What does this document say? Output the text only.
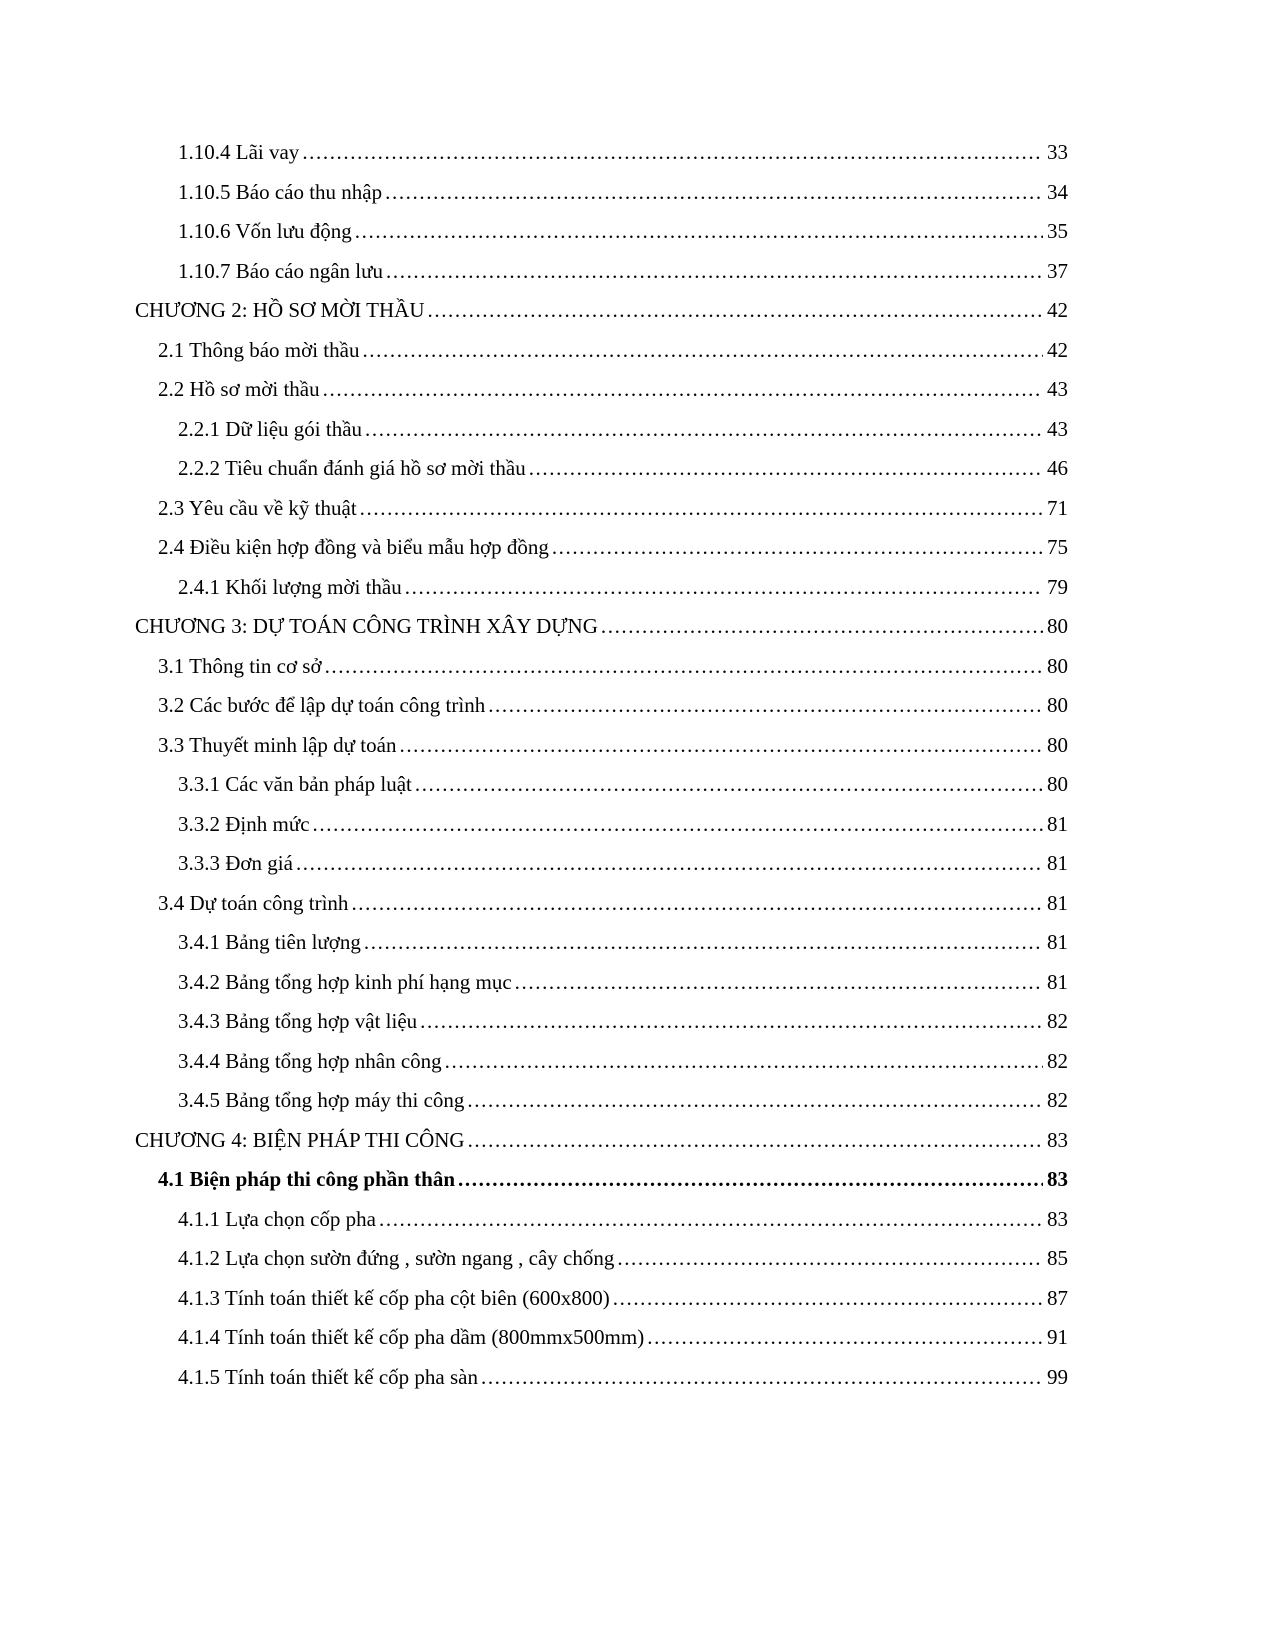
1.10.4 Lãi vay .....	33
1.10.5 Báo cáo thu nhập .....	34
1.10.6 Vốn lưu động .....	35
1.10.7 Báo cáo ngân lưu .....	37
CHƯƠNG 2: HỒ SƠ MỜI THẦU .....	42
2.1 Thông báo mời thầu .....	42
2.2 Hồ sơ mời thầu .....	43
2.2.1 Dữ liệu gói thầu .....	43
2.2.2 Tiêu chuẩn đánh giá hồ sơ mời thầu .....	46
2.3 Yêu cầu về kỹ thuật .....	71
2.4 Điều kiện hợp đồng và biểu mẫu hợp đồng .....	75
2.4.1 Khối lượng mời thầu .....	79
CHƯƠNG 3: DỰ TOÁN CÔNG TRÌNH XÂY DỰNG .....	80
3.1 Thông tin cơ sở .....	80
3.2 Các bước để lập dự toán công trình .....	80
3.3 Thuyết minh lập dự toán .....	80
3.3.1 Các văn bản pháp luật .....	80
3.3.2 Định mức .....	81
3.3.3 Đơn giá .....	81
3.4 Dự toán công trình .....	81
3.4.1 Bảng tiên lượng .....	81
3.4.2 Bảng tổng hợp kinh phí hạng mục .....	81
3.4.3 Bảng tổng hợp vật liệu .....	82
3.4.4 Bảng tổng hợp nhân công .....	82
3.4.5 Bảng tổng hợp máy thi công .....	82
CHƯƠNG 4: BIỆN PHÁP THI CÔNG .....	83
4.1 Biện pháp thi công phần thân .....	83
4.1.1 Lựa chọn cốp pha .....	83
4.1.2 Lựa chọn sườn đứng , sườn ngang , cây chống .....	85
4.1.3 Tính toán thiết kế cốp pha cột biên (600x800) .....	87
4.1.4 Tính toán thiết kế cốp pha dầm (800mmx500mm) .....	91
4.1.5 Tính toán thiết kế cốp pha sàn .....	99
